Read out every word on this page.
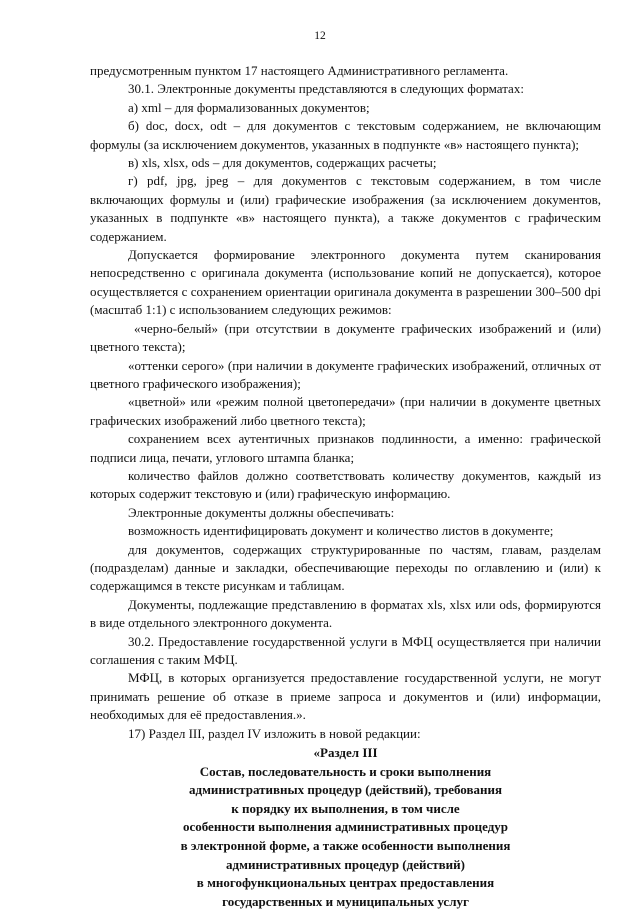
12

предусмотренным пунктом 17 настоящего Административного регламента.

30.1. Электронные документы представляются в следующих форматах:

а) xml – для формализованных документов;

б) doc, docx, odt – для документов с текстовым содержанием, не включающим формулы (за исключением документов, указанных в подпункте «в» настоящего пункта);

в) xls, xlsx, ods – для документов, содержащих расчеты;

г) pdf, jpg, jpeg – для документов с текстовым содержанием, в том числе включающих формулы и (или) графические изображения (за исключением документов, указанных в подпункте «в» настоящего пункта), а также документов с графическим содержанием.

Допускается формирование электронного документа путем сканирования непосредственно с оригинала документа (использование копий не допускается), которое осуществляется с сохранением ориентации оригинала документа в разрешении 300–500 dpi (масштаб 1:1) с использованием следующих режимов:

«черно-белый» (при отсутствии в документе графических изображений и (или) цветного текста);

«оттенки серого» (при наличии в документе графических изображений, отличных от цветного графического изображения);

«цветной» или «режим полной цветопередачи» (при наличии в документе цветных графических изображений либо цветного текста);

сохранением всех аутентичных признаков подлинности, а именно: графической подписи лица, печати, углового штампа бланка;

количество файлов должно соответствовать количеству документов, каждый из которых содержит текстовую и (или) графическую информацию.

Электронные документы должны обеспечивать:

возможность идентифицировать документ и количество листов в документе;

для документов, содержащих структурированные по частям, главам, разделам (подразделам) данные и закладки, обеспечивающие переходы по оглавлению и (или) к содержащимся в тексте рисункам и таблицам.

Документы, подлежащие представлению в форматах xls, xlsx или ods, формируются в виде отдельного электронного документа.

30.2. Предоставление государственной услуги в МФЦ осуществляется при наличии соглашения с таким МФЦ.

МФЦ, в которых организуется предоставление государственной услуги, не могут принимать решение об отказе в приеме запроса и документов и (или) информации, необходимых для её предоставления.».

17) Раздел III, раздел IV изложить в новой редакции:

«Раздел III
Состав, последовательность и сроки выполнения
административных процедур (действий), требования
к порядку их выполнения, в том числе
особенности выполнения административных процедур
в электронной форме, а также особенности выполнения
административных процедур (действий)
в многофункциональных центрах предоставления
государственных и муниципальных услуг
